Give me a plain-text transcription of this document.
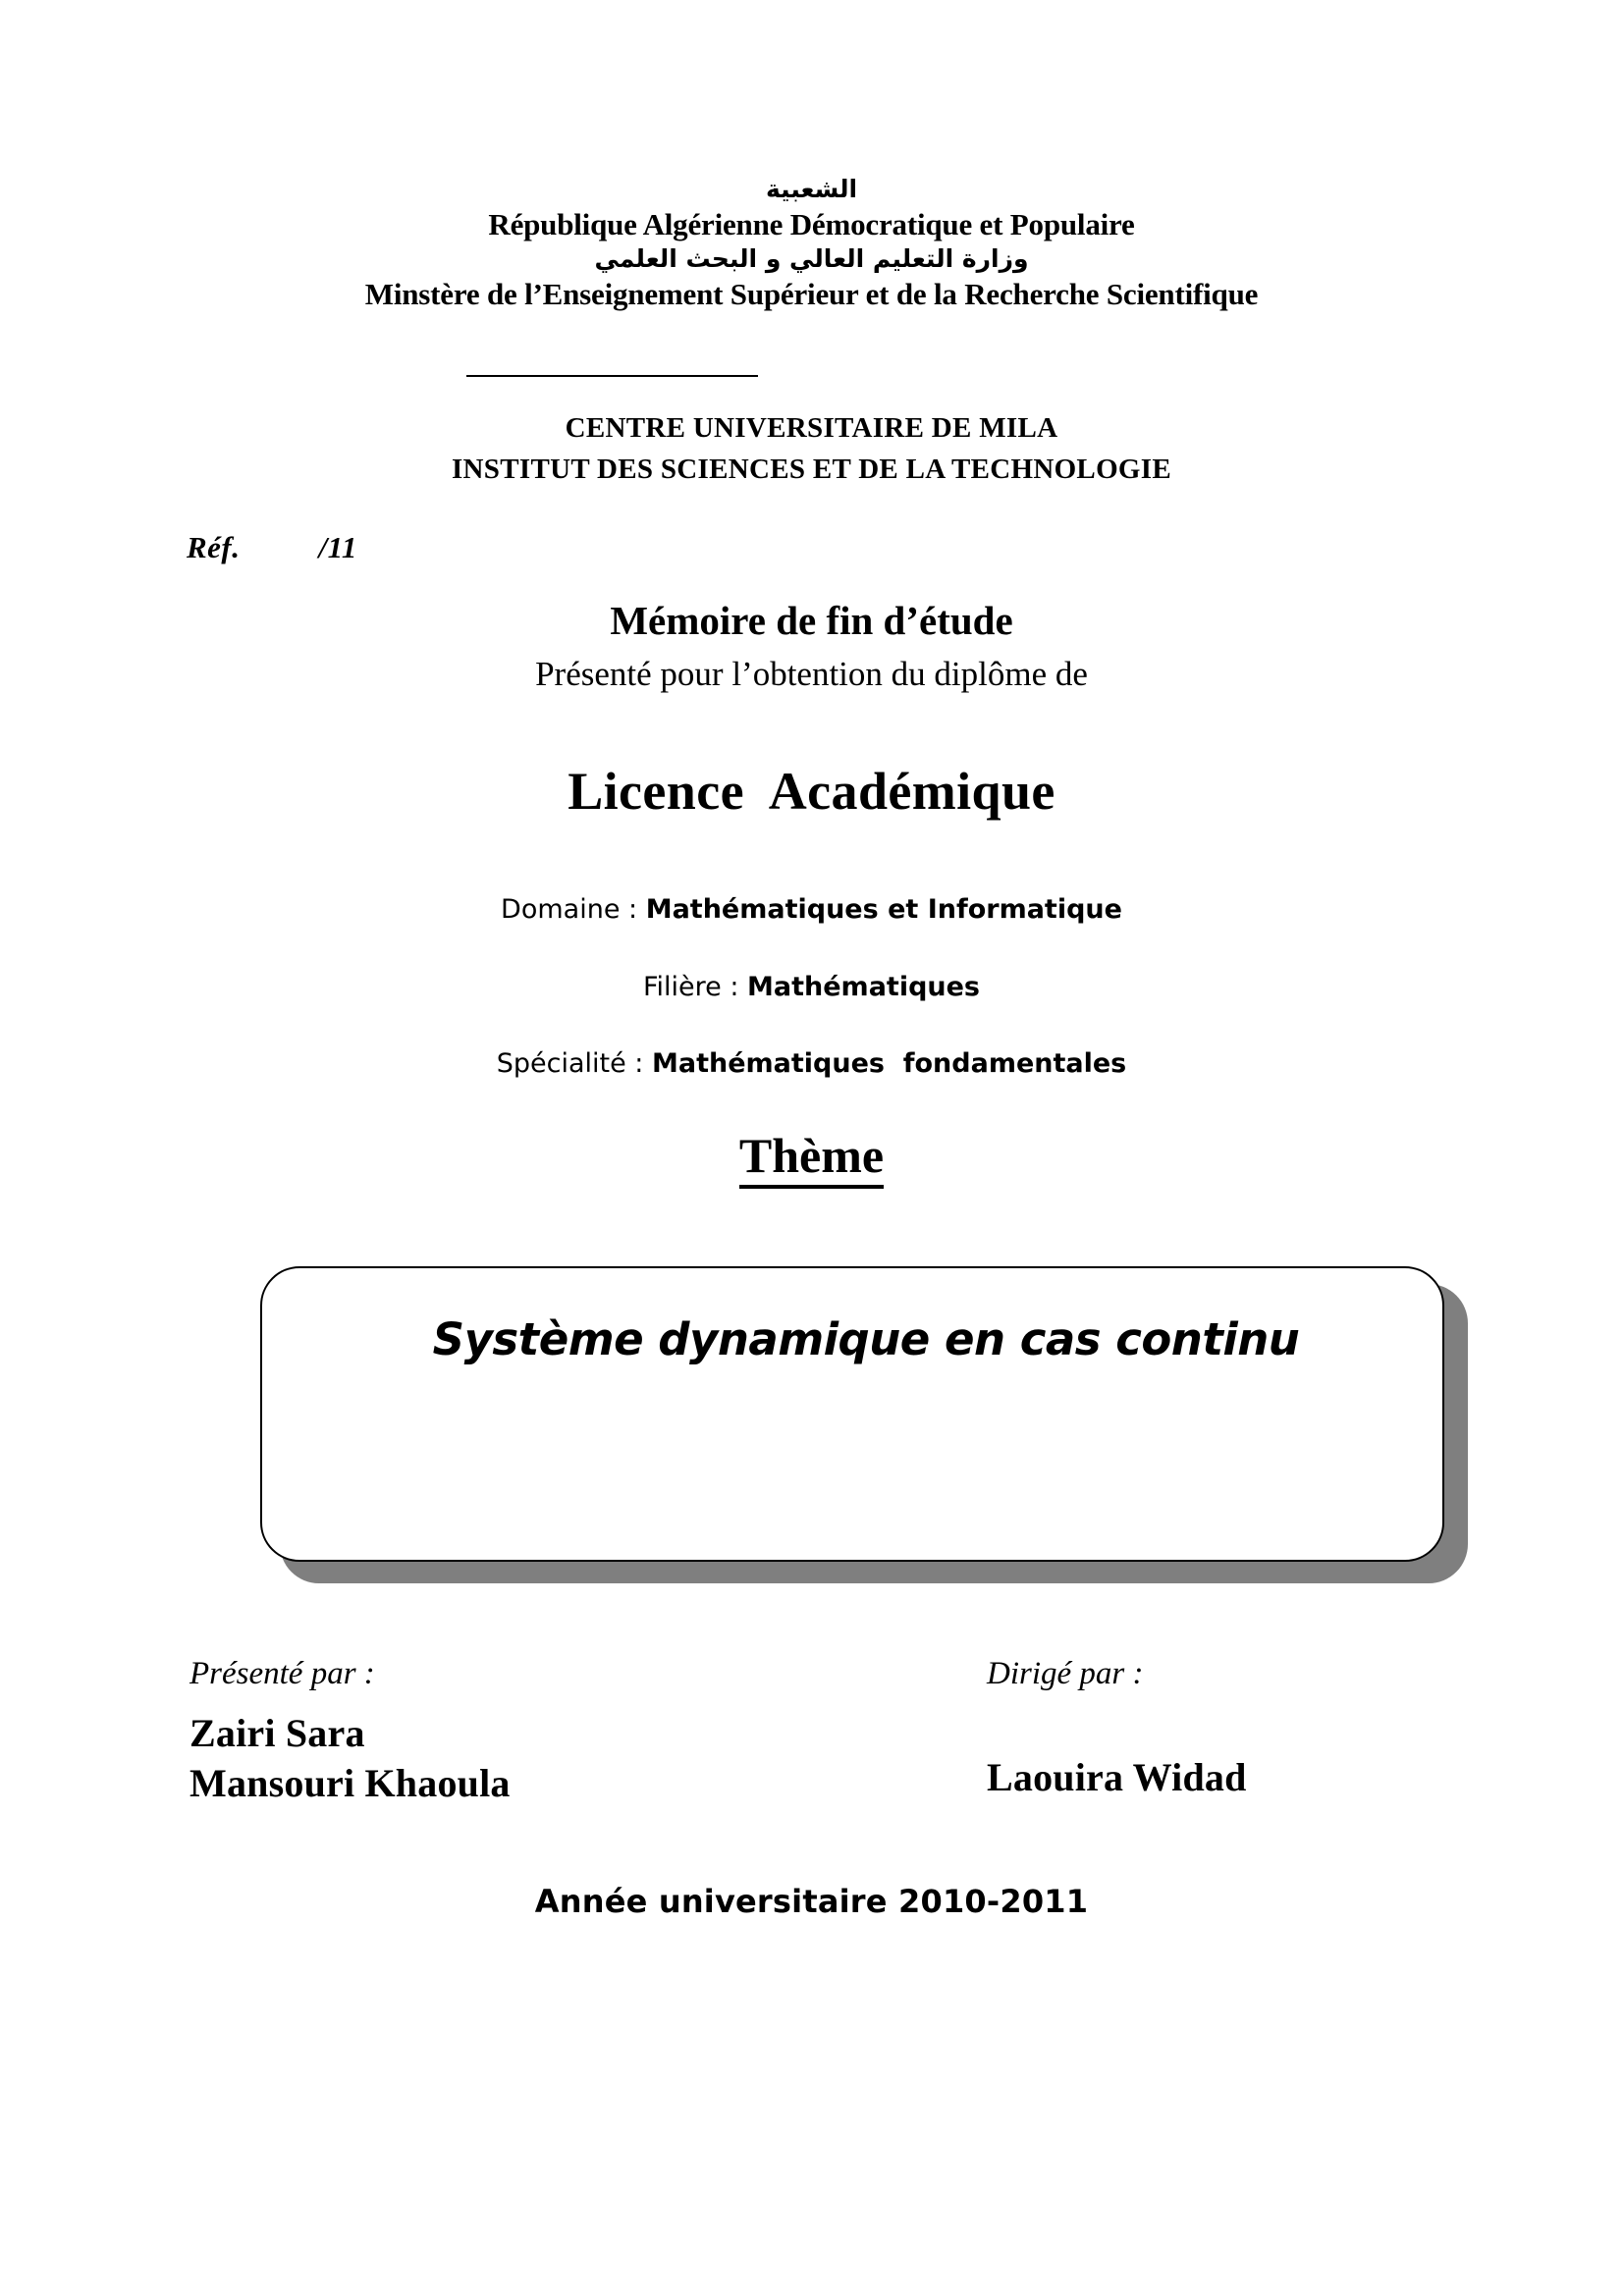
الشعبية
République Algérienne Démocratique et Populaire
وزارة التعليم العالي و البحث العلمي
Minstère de l’Enseignement Supérieur et de la Recherche Scientifique
CENTRE UNIVERSITAIRE DE MILA
INSTITUT DES SCIENCES ET DE LA TECHNOLOGIE
Réf.	/11
Mémoire de fin d’étude
Présenté pour l’obtention du diplôme de
Licence  Académique
Domaine : Mathématiques et Informatique
Filière : Mathématiques
Spécialité : Mathématiques  fondamentales
Thème
Système dynamique en cas continu
Présenté par :
Zairi Sara
Mansouri Khaoula
Dirigé par :
Laouira Widad
Année universitaire 2010-2011
